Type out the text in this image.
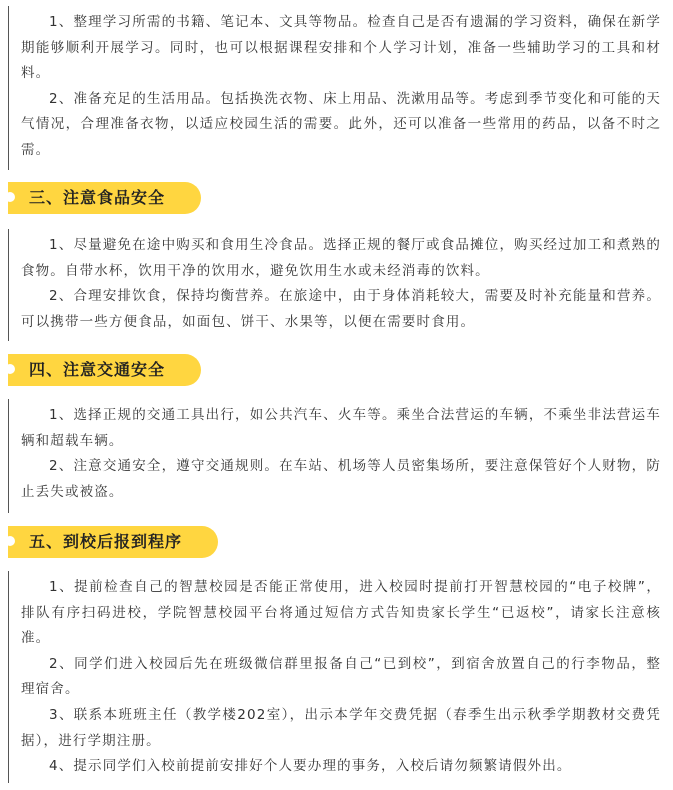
1、整理学习所需的书籍、笔记本、文具等物品。检查自己是否有遗漏的学习资料，确保在新学期能够顺利开展学习。同时，也可以根据课程安排和个人学习计划，准备一些辅助学习的工具和材料。

2、准备充足的生活用品。包括换洗衣物、床上用品、洗漱用品等。考虑到季节变化和可能的天气情况，合理准备衣物，以适应校园生活的需要。此外，还可以准备一些常用的药品，以备不时之需。

三、注意食品安全

1、尽量避免在途中购买和食用生冷食品。选择正规的餐厅或食品摊位，购买经过加工和煮熟的食物。自带水杯，饮用干净的饮用水，避免饮用生水或未经消毒的饮料。

2、合理安排饮食，保持均衡营养。在旅途中，由于身体消耗较大，需要及时补充能量和营养。可以携带一些方便食品，如面包、饼干、水果等，以便在需要时食用。

四、注意交通安全

1、选择正规的交通工具出行，如公共汽车、火车等。乘坐合法营运的车辆，不乘坐非法营运车辆和超载车辆。

2、注意交通安全，遵守交通规则。在车站、机场等人员密集场所，要注意保管好个人财物，防止丢失或被盗。

五、到校后报到程序

1、提前检查自己的智慧校园是否能正常使用，进入校园时提前打开智慧校园的“电子校牌”，排队有序扫码进校，学院智慧校园平台将通过短信方式告知贵家长学生“已返校”，请家长注意核准。

2、同学们进入校园后先在班级微信群里报备自己“已到校”，到宿舍放置自己的行李物品，整理宿舍。

3、联系本班班主任（教学楼202室），出示本学年交费凭据（春季生出示秋季学期教材交费凭据），进行学期注册。

4、提示同学们入校前提前安排好个人要办理的事务，入校后请勿频繁请假外出。
